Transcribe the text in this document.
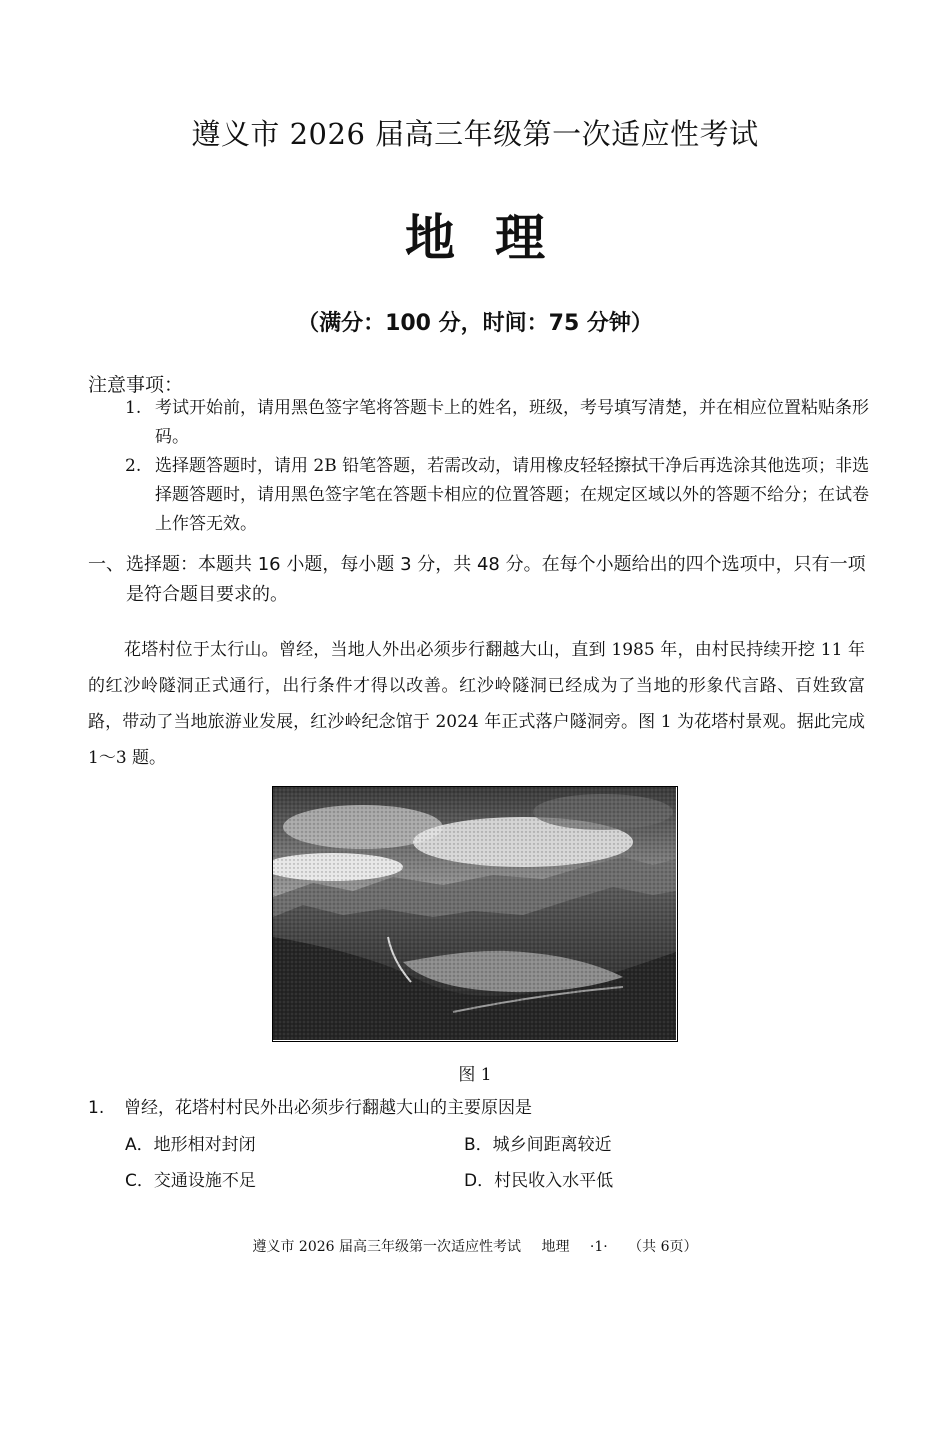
遵义市 2026 届高三年级第一次适应性考试
地理
（满分：100 分，时间：75 分钟）
注意事项：
1. 考试开始前，请用黑色签字笔将答题卡上的姓名，班级，考号填写清楚，并在相应位置粘贴条形码。
2. 选择题答题时，请用 2B 铅笔答题，若需改动，请用橡皮轻轻擦拭干净后再选涂其他选项；非选择题答题时，请用黑色签字笔在答题卡相应的位置答题；在规定区域以外的答题不给分；在试卷上作答无效。
一、 选择题：本题共 16 小题，每小题 3 分，共 48 分。在每个小题给出的四个选项中，只有一项是符合题目要求的。
花塔村位于太行山。曾经，当地人外出必须步行翻越大山，直到 1985 年，由村民持续开挖 11 年的红沙岭隧洞正式通行，出行条件才得以改善。红沙岭隧洞已经成为了当地的形象代言路、百姓致富路，带动了当地旅游业发展，红沙岭纪念馆于 2024 年正式落户隧洞旁。图 1 为花塔村景观。据此完成 1～3 题。
图 1
1. 曾经，花塔村村民外出必须步行翻越大山的主要原因是
A．地形相对封闭	B．城乡间距离较近
C．交通设施不足	D．村民收入水平低
遵义市 2026 届高三年级第一次适应性考试 地理 ·1· （共 6页）
